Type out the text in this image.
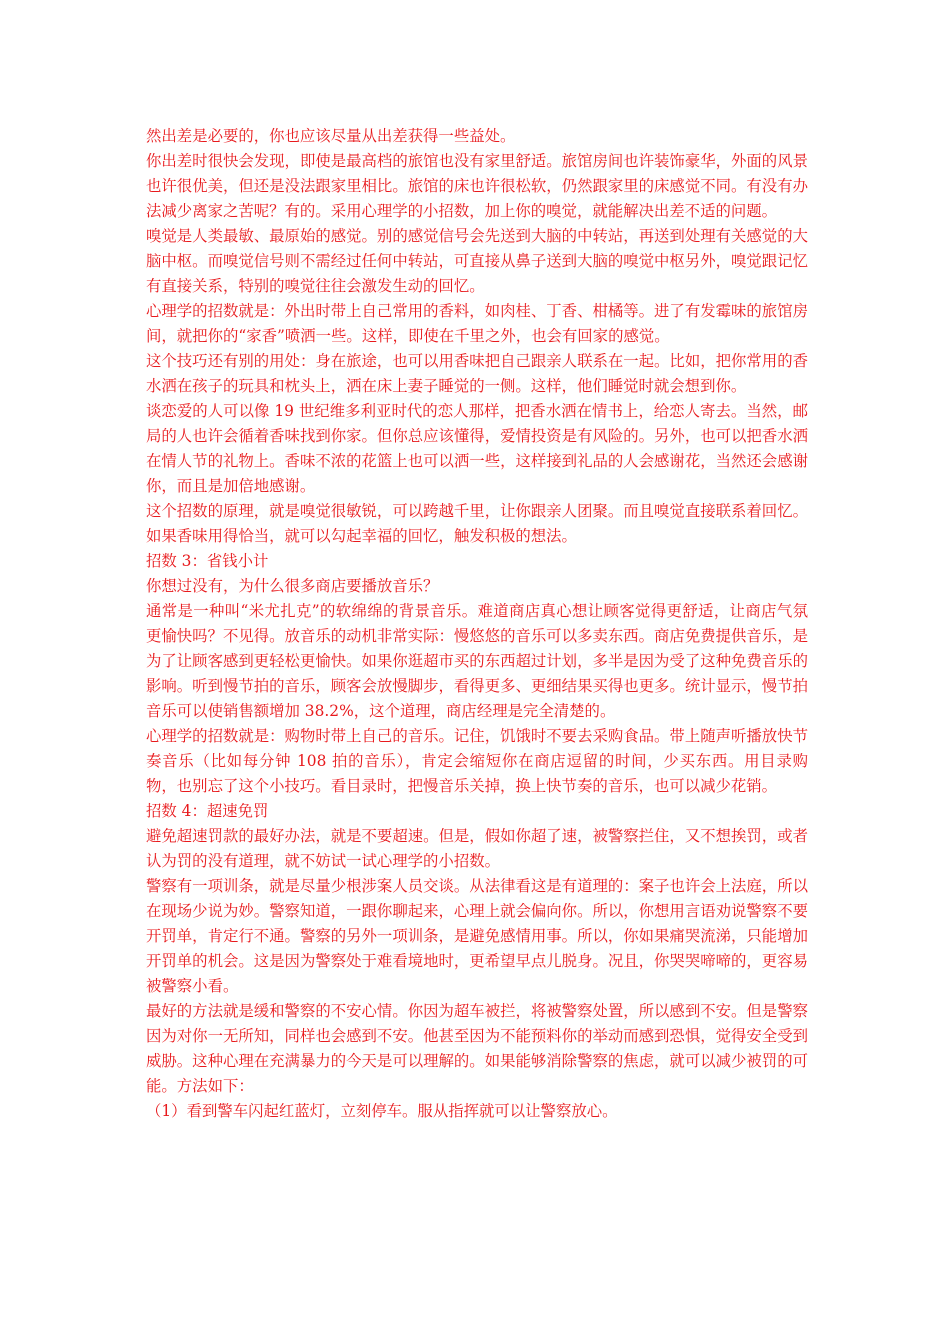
然出差是必要的，你也应该尽量从出差获得一些益处。

你出差时很快会发现，即使是最高档的旅馆也没有家里舒适。旅馆房间也许装饰豪华，外面的风景也许很优美，但还是没法跟家里相比。旅馆的床也许很松软，仍然跟家里的床感觉不同。有没有办法减少离家之苦呢？有的。采用心理学的小招数，加上你的嗅觉，就能解决出差不适的问题。

嗅觉是人类最敏、最原始的感觉。别的感觉信号会先送到大脑的中转站，再送到处理有关感觉的大脑中枢。而嗅觉信号则不需经过任何中转站，可直接从鼻子送到大脑的嗅觉中枢另外，嗅觉跟记忆有直接关系，特别的嗅觉往往会激发生动的回忆。

心理学的招数就是：外出时带上自己常用的香料，如肉桂、丁香、柑橘等。进了有发霉味的旅馆房间，就把你的“家香”喷洒一些。这样，即使在千里之外，也会有回家的感觉。

这个技巧还有别的用处：身在旅途，也可以用香味把自己跟亲人联系在一起。比如，把你常用的香水洒在孩子的玩具和枕头上，洒在床上妻子睡觉的一侧。这样，他们睡觉时就会想到你。

谈恋爱的人可以像 19 世纪维多利亚时代的恋人那样，把香水洒在情书上，给恋人寄去。当然，邮局的人也许会循着香味找到你家。但你总应该懂得，爱情投资是有风险的。另外，也可以把香水洒在情人节的礼物上。香味不浓的花篮上也可以洒一些，这样接到礼品的人会感谢花，当然还会感谢你，而且是加倍地感谢。

这个招数的原理，就是嗅觉很敏锐，可以跨越千里，让你跟亲人团聚。而且嗅觉直接联系着回忆。如果香味用得恰当，就可以勾起幸福的回忆，触发积极的想法。

招数 3：省钱小计

你想过没有，为什么很多商店要播放音乐？

通常是一种叫“米尤扎克”的软绵绵的背景音乐。难道商店真心想让顾客觉得更舒适，让商店气氛更愉快吗？不见得。放音乐的动机非常实际：慢悠悠的音乐可以多卖东西。商店免费提供音乐，是为了让顾客感到更轻松更愉快。如果你逛超市买的东西超过计划，多半是因为受了这种免费音乐的影响。听到慢节拍的音乐，顾客会放慢脚步，看得更多、更细结果买得也更多。统计显示，慢节拍音乐可以使销售额增加 38.2%，这个道理，商店经理是完全清楚的。

心理学的招数就是：购物时带上自己的音乐。记住，饥饿时不要去采购食品。带上随声听播放快节奏音乐（比如每分钟 108 拍的音乐），肯定会缩短你在商店逗留的时间，少买东西。用目录购物，也别忘了这个小技巧。看目录时，把慢音乐关掉，换上快节奏的音乐，也可以减少花销。

招数 4：超速免罚

避免超速罚款的最好办法，就是不要超速。但是，假如你超了速，被警察拦住，又不想挨罚，或者认为罚的没有道理，就不妨试一试心理学的小招数。

警察有一项训条，就是尽量少根涉案人员交谈。从法律看这是有道理的：案子也许会上法庭，所以在现场少说为妙。警察知道，一跟你聊起来，心理上就会偏向你。所以，你想用言语劝说警察不要开罚单，肯定行不通。警察的另外一项训条，是避免感情用事。所以，你如果痛哭流涕，只能增加开罚单的机会。这是因为警察处于难看境地时，更希望早点儿脱身。况且，你哭哭啼啼的，更容易被警察小看。

最好的方法就是缓和警察的不安心情。你因为超车被拦，将被警察处置，所以感到不安。但是警察因为对你一无所知，同样也会感到不安。他甚至因为不能预料你的举动而感到恐惧，觉得安全受到威胁。这种心理在充满暴力的今天是可以理解的。如果能够消除警察的焦虑，就可以减少被罚的可能。方法如下：

（1）看到警车闪起红蓝灯，立刻停车。服从指挥就可以让警察放心。
